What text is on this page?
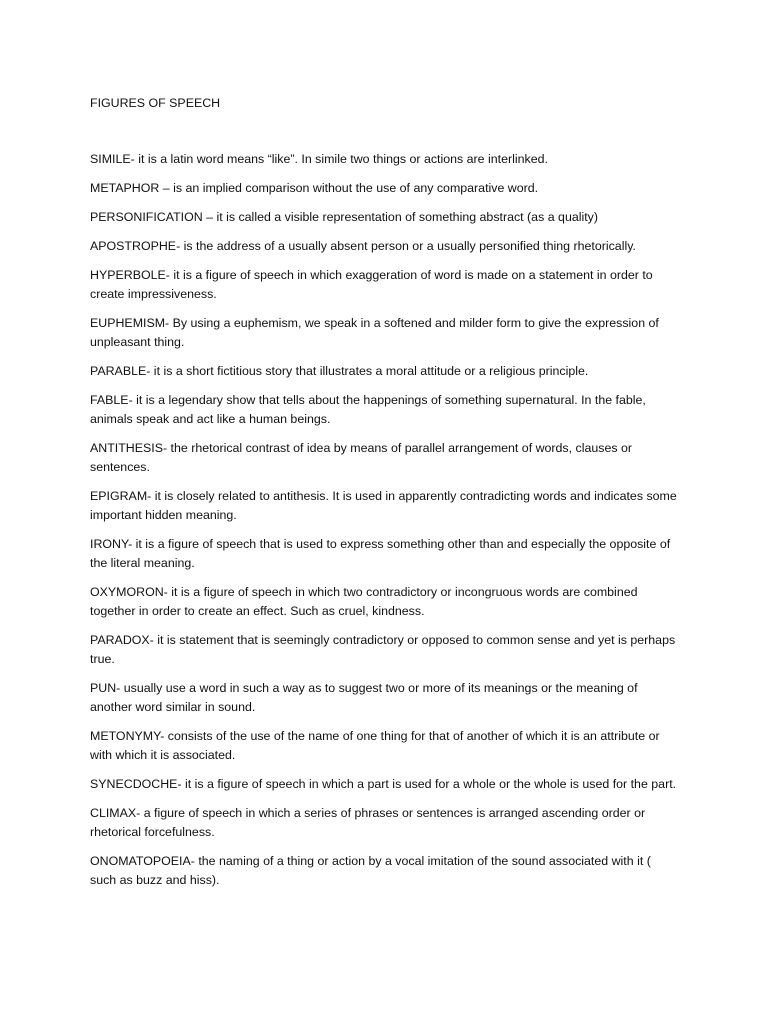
FIGURES OF SPEECH

SIMILE- it is a latin word means “like”. In simile two things or actions are interlinked.

METAPHOR – is an implied comparison without the use of any comparative word.

PERSONIFICATION – it is called a visible representation of something abstract (as a quality)

APOSTROPHE- is the address of a usually absent person or a usually personified thing rhetorically.

HYPERBOLE- it is a figure of speech in which exaggeration of word is made on a statement in order to create impressiveness.

EUPHEMISM- By using a euphemism, we speak in a softened and milder form to give the expression of unpleasant thing.

PARABLE- it is a short fictitious story that illustrates a moral attitude or a religious principle.

FABLE- it is a legendary show that tells about the happenings of something supernatural. In the fable, animals speak and act like a human beings.

ANTITHESIS- the rhetorical contrast of idea by means of parallel arrangement of words, clauses or sentences.

EPIGRAM- it is closely related to antithesis. It is used in apparently contradicting words and indicates some important hidden meaning.

IRONY- it is a figure of speech that is used to express something other than and especially the opposite of the literal meaning.

OXYMORON- it is a figure of speech in which two contradictory or incongruous words are combined together in order to create an effect. Such as cruel, kindness.

PARADOX- it is statement that is seemingly contradictory or opposed to common sense and yet is perhaps true.

PUN- usually use a word in such a way as to suggest two or more of its meanings or the meaning of another word similar in sound.

METONYMY- consists of the use of the name of one thing for that of another of which it is an attribute or with which it is associated.

SYNECDOCHE- it is a figure of speech in which a part is used for a whole or the whole is used for the part.

CLIMAX- a figure of speech in which a series of phrases or sentences is arranged ascending order or rhetorical forcefulness.

ONOMATOPOEIA- the naming of a thing or action by a vocal imitation of the sound associated with it ( such as buzz and hiss).
